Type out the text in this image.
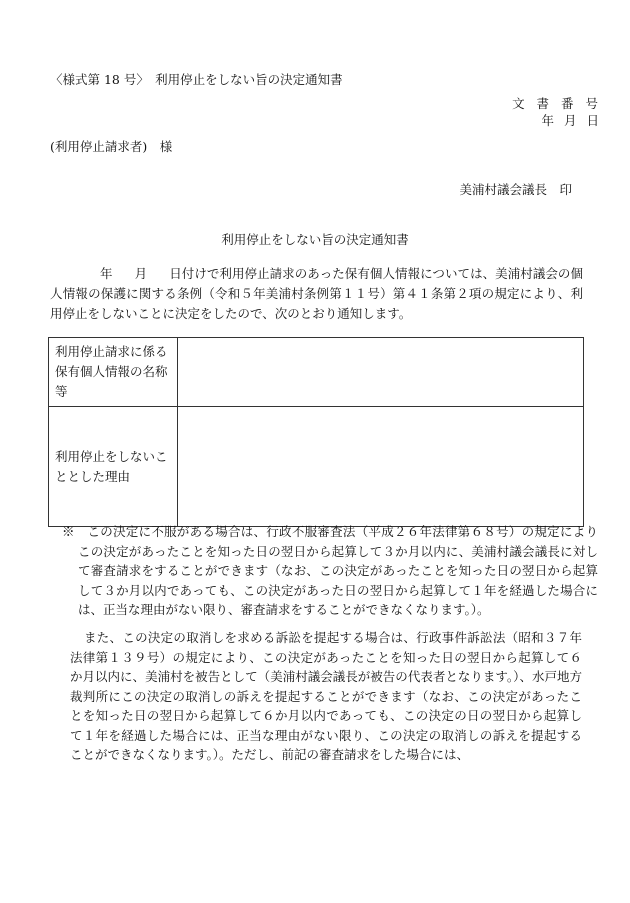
〈様式第 18 号〉　利用停止をしない旨の決定通知書
文 書 番 号
年 月 日
(利用停止請求者)　様
美浦村議会議長　印
利用停止をしない旨の決定通知書
年 月 日付けで利用停止請求のあった保有個人情報については、美浦村議会の個人情報の保護に関する条例（令和５年美浦村条例第１１号）第４１条第２項の規定により、利用停止をしないことに決定をしたので、次のとおり通知します。
利用停止請求に係る保有個人情報の名称等	
利用停止をしないこととした理由	
※　この決定に不服がある場合は、行政不服審査法（平成２６年法律第６８号）の規定によりこの決定があったことを知った日の翌日から起算して３か月以内に、美浦村議会議長に対して審査請求をすることができます（なお、この決定があったことを知った日の翌日から起算して３か月以内であっても、この決定があった日の翌日から起算して１年を経過した場合には、正当な理由がない限り、審査請求をすることができなくなります。）。
また、この決定の取消しを求める訴訟を提起する場合は、行政事件訴訟法（昭和３７年法律第１３９号）の規定により、この決定があったことを知った日の翌日から起算して６か月以内に、美浦村を被告として（美浦村議会議長が被告の代表者となります。）、水戸地方裁判所にこの決定の取消しの訴えを提起することができます（なお、この決定があったことを知った日の翌日から起算して６か月以内であっても、この決定の日の翌日から起算して１年を経過した場合には、正当な理由がない限り、この決定の取消しの訴えを提起することができなくなります。）。ただし、前記の審査請求をした場合には、
